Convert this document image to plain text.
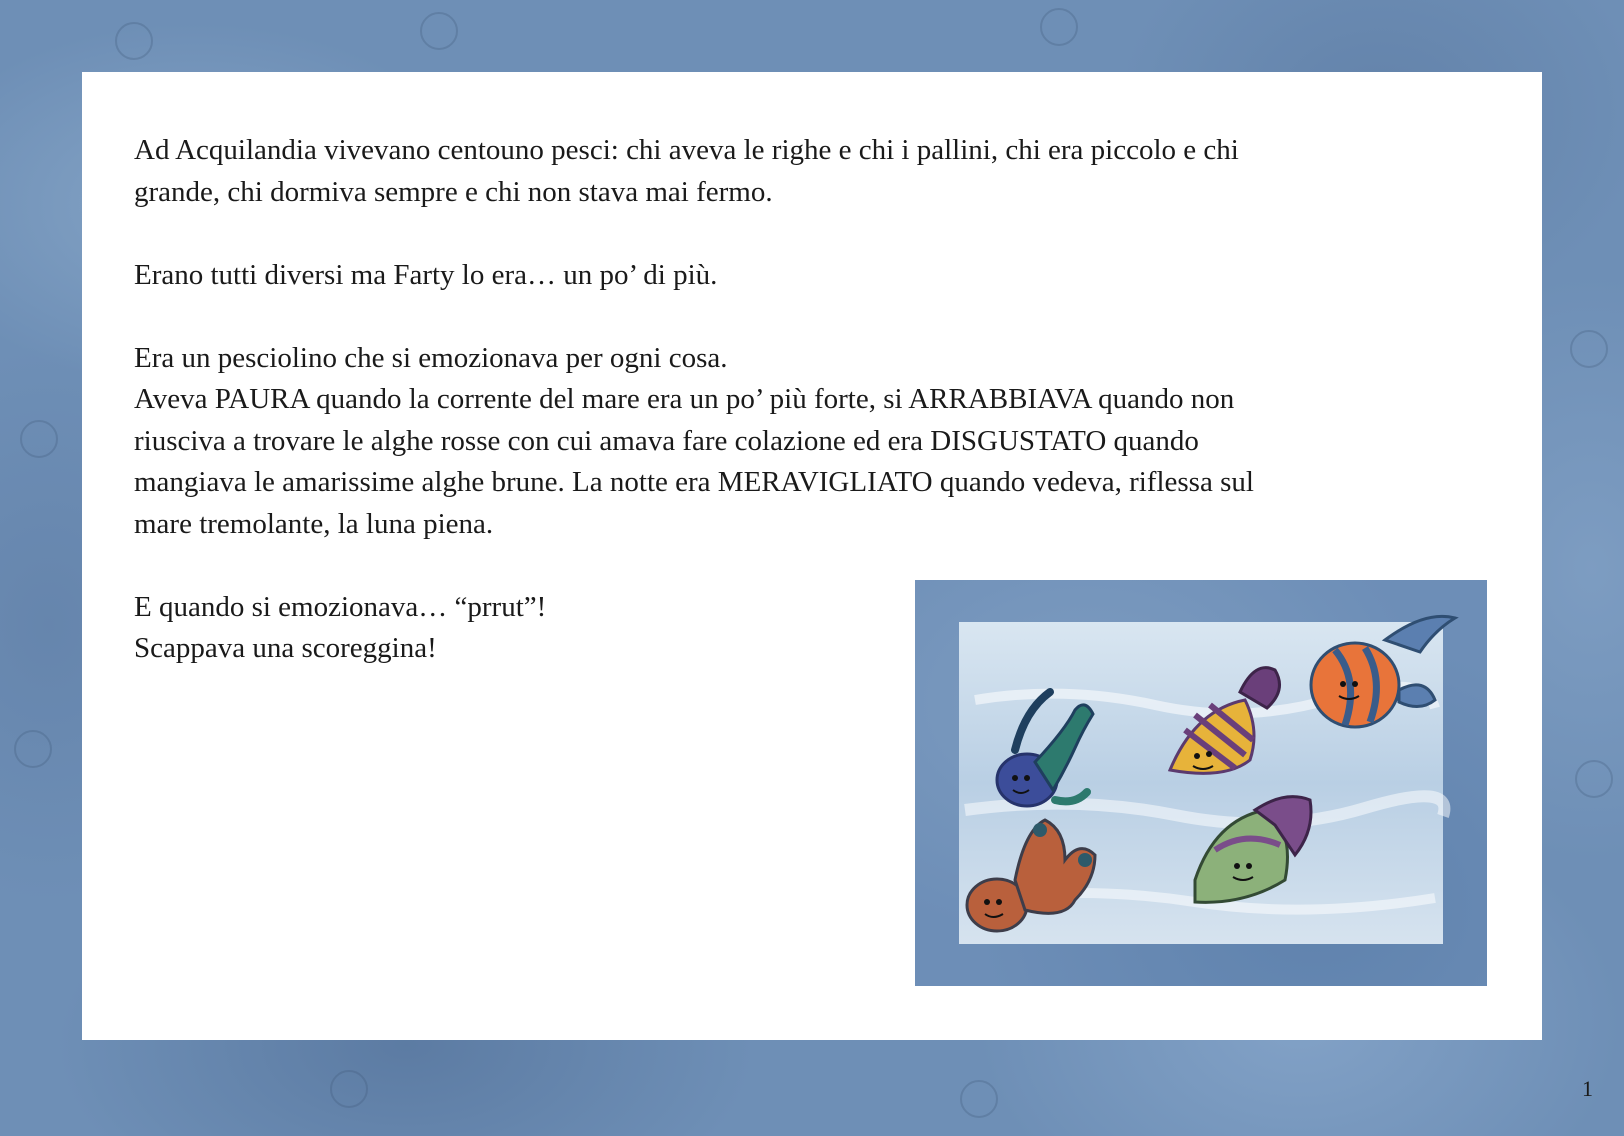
Ad Acquilandia vivevano centouno pesci: chi aveva le righe e chi i pallini, chi era piccolo e chi
grande, chi dormiva sempre e chi non stava mai fermo.

Erano tutti diversi ma Farty lo era… un po’ di più.

Era un pesciolino che si emozionava per ogni cosa.
Aveva PAURA quando la corrente del mare era un po’ più forte, si ARRABBIAVA quando non
riusciva a trovare le alghe rosse con cui amava fare colazione ed era DISGUSTATO quando
mangiava le amarissime alghe brune. La notte era MERAVIGLIATO quando vedeva, riflessa sul
mare tremolante, la luna piena.

E quando si emozionava… “prrut”!
Scappava una scoreggina!

1
